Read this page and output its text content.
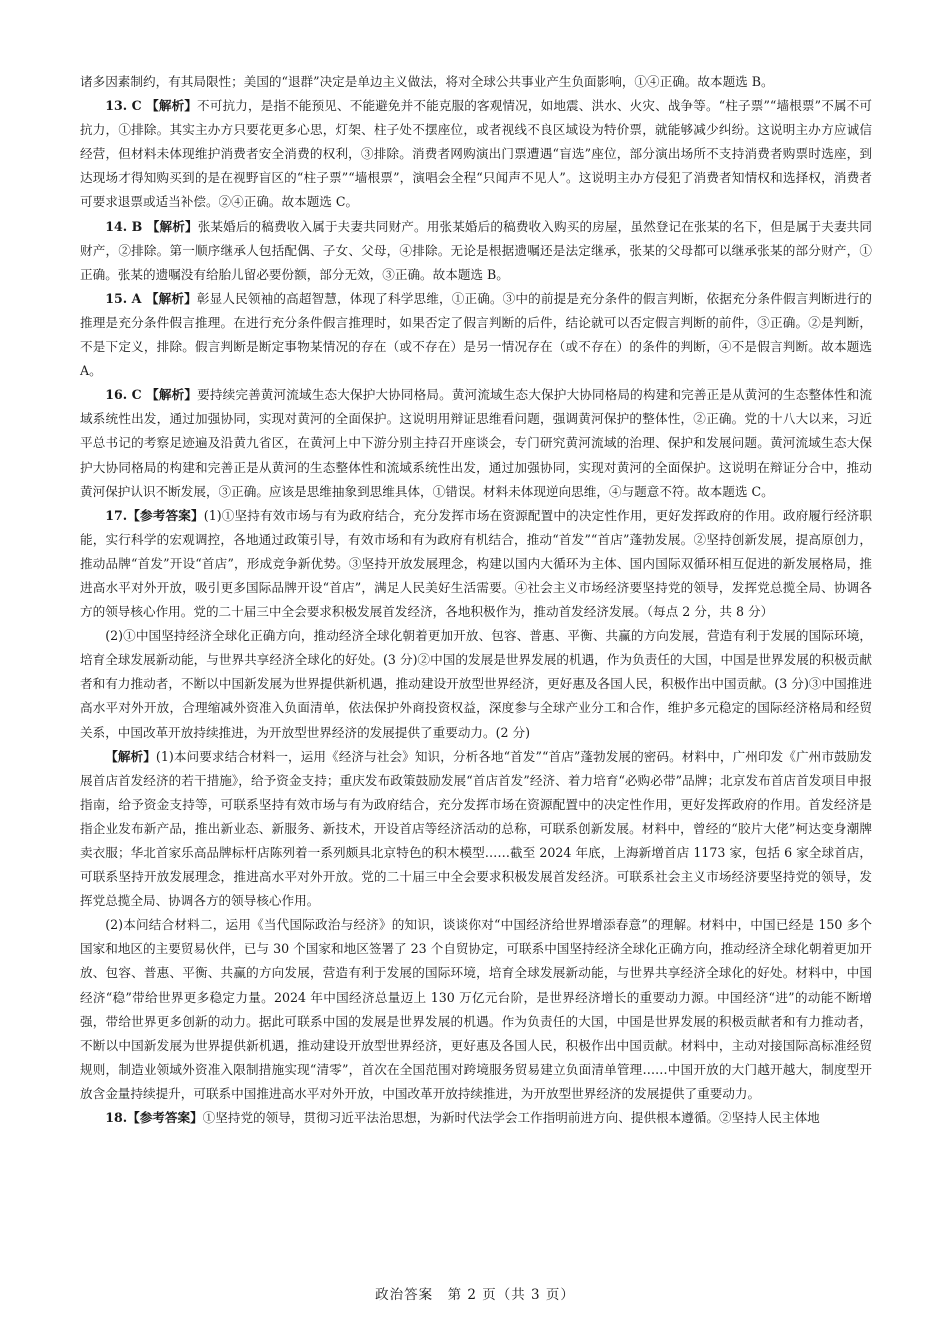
诸多因素制约，有其局限性；美国的“退群”决定是单边主义做法，将对全球公共事业产生负面影响，①④正确。故本题选 B。

13. C 【解析】不可抗力，是指不能预见、不能避免并不能克服的客观情况，如地震、洪水、火灾、战争等。“柱子票”“墙根票”不属不可抗力，①排除。其实主办方只要花更多心思，灯架、柱子处不摆座位，或者视线不良区域设为特价票，就能够减少纠纷。这说明主办方应诚信经营，但材料未体现维护消费者安全消费的权利，③排除。消费者网购演出门票遭遇“盲选”座位，部分演出场所不支持消费者购票时选座，到达现场才得知购买到的是在视野盲区的“柱子票”“墙根票”，演唱会全程“只闻声不见人”。这说明主办方侵犯了消费者知情权和选择权，消费者可要求退票或适当补偿。②④正确。故本题选 C。

14. B 【解析】张某婚后的稿费收入属于夫妻共同财产。用张某婚后的稿费收入购买的房屋，虽然登记在张某的名下，但是属于夫妻共同财产，②排除。第一顺序继承人包括配偶、子女、父母，④排除。无论是根据遗嘱还是法定继承，张某的父母都可以继承张某的部分财产，①正确。张某的遗嘱没有给胎儿留必要份额，部分无效，③正确。故本题选 B。

15. A 【解析】彰显人民领袖的高超智慧，体现了科学思维，①正确。③中的前提是充分条件的假言判断，依据充分条件假言判断进行的推理是充分条件假言推理。在进行充分条件假言推理时，如果否定了假言判断的后件，结论就可以否定假言判断的前件，③正确。②是判断，不是下定义，排除。假言判断是断定事物某情况的存在（或不存在）是另一情况存在（或不存在）的条件的判断，④不是假言判断。故本题选 A。

16. C 【解析】要持续完善黄河流域生态大保护大协同格局。黄河流域生态大保护大协同格局的构建和完善正是从黄河的生态整体性和流域系统性出发，通过加强协同，实现对黄河的全面保护。这说明用辩证思维看问题，强调黄河保护的整体性，②正确。党的十八大以来，习近平总书记的考察足迹遍及沿黄九省区，在黄河上中下游分别主持召开座谈会，专门研究黄河流域的治理、保护和发展问题。黄河流域生态大保护大协同格局的构建和完善正是从黄河的生态整体性和流域系统性出发，通过加强协同，实现对黄河的全面保护。这说明在辩证分合中，推动黄河保护认识不断发展，③正确。应该是思维抽象到思维具体，①错误。材料未体现逆向思维，④与题意不符。故本题选 C。

17.【参考答案】(1)①坚持有效市场与有为政府结合，充分发挥市场在资源配置中的决定性作用，更好发挥政府的作用。政府履行经济职能，实行科学的宏观调控，各地通过政策引导，有效市场和有为政府有机结合，推动“首发”“首店”蓬勃发展。②坚持创新发展，提高原创力，推动品牌“首发”开设“首店”，形成竞争新优势。③坚持开放发展理念，构建以国内大循环为主体、国内国际双循环相互促进的新发展格局，推进高水平对外开放，吸引更多国际品牌开设“首店”，满足人民美好生活需要。④社会主义市场经济要坚持党的领导，发挥党总揽全局、协调各方的领导核心作用。党的二十届三中全会要求积极发展首发经济，各地积极作为，推动首发经济发展。（每点 2 分，共 8 分）

(2)①中国坚持经济全球化正确方向，推动经济全球化朝着更加开放、包容、普惠、平衡、共赢的方向发展，营造有利于发展的国际环境，培育全球发展新动能，与世界共享经济全球化的好处。(3 分)②中国的发展是世界发展的机遇，作为负责任的大国，中国是世界发展的积极贡献者和有力推动者，不断以中国新发展为世界提供新机遇，推动建设开放型世界经济，更好惠及各国人民，积极作出中国贡献。(3 分)③中国推进高水平对外开放，合理缩减外资准入负面清单，依法保护外商投资权益，深度参与全球产业分工和合作，维护多元稳定的国际经济格局和经贸关系，中国改革开放持续推进，为开放型世界经济的发展提供了重要动力。(2 分)

【解析】(1)本问要求结合材料一，运用《经济与社会》知识，分析各地“首发”“首店”蓬勃发展的密码。材料中，广州印发《广州市鼓励发展首店首发经济的若干措施》，给予资金支持；重庆发布政策鼓励发展“首店首发”经济、着力培育“必购必带”品牌；北京发布首店首发项目申报指南，给予资金支持等，可联系坚持有效市场与有为政府结合，充分发挥市场在资源配置中的决定性作用，更好发挥政府的作用。首发经济是指企业发布新产品，推出新业态、新服务、新技术，开设首店等经济活动的总称，可联系创新发展。材料中，曾经的“胶片大佬”柯达变身潮牌卖衣服；华北首家乐高品牌标杆店陈列着一系列颇具北京特色的积木模型……截至 2024 年底，上海新增首店 1173 家，包括 6 家全球首店，可联系坚持开放发展理念，推进高水平对外开放。党的二十届三中全会要求积极发展首发经济。可联系社会主义市场经济要坚持党的领导，发挥党总揽全局、协调各方的领导核心作用。

(2)本问结合材料二，运用《当代国际政治与经济》的知识，谈谈你对“中国经济给世界增添春意”的理解。材料中，中国已经是 150 多个国家和地区的主要贸易伙伴，已与 30 个国家和地区签署了 23 个自贸协定，可联系中国坚持经济全球化正确方向，推动经济全球化朝着更加开放、包容、普惠、平衡、共赢的方向发展，营造有利于发展的国际环境，培育全球发展新动能，与世界共享经济全球化的好处。材料中，中国经济“稳”带给世界更多稳定力量。2024 年中国经济总量迈上 130 万亿元台阶，是世界经济增长的重要动力源。中国经济“进”的动能不断增强，带给世界更多创新的动力。据此可联系中国的发展是世界发展的机遇。作为负责任的大国，中国是世界发展的积极贡献者和有力推动者，不断以中国新发展为世界提供新机遇，推动建设开放型世界经济，更好惠及各国人民，积极作出中国贡献。材料中，主动对接国际高标准经贸规则，制造业领域外资准入限制措施实现“清零”，首次在全国范围对跨境服务贸易建立负面清单管理……中国开放的大门越开越大，制度型开放含金量持续提升，可联系中国推进高水平对外开放，中国改革开放持续推进，为开放型世界经济的发展提供了重要动力。

18.【参考答案】①坚持党的领导，贯彻习近平法治思想，为新时代法学会工作指明前进方向、提供根本遵循。②坚持人民主体地

政治答案　第 2 页（共 3 页）
